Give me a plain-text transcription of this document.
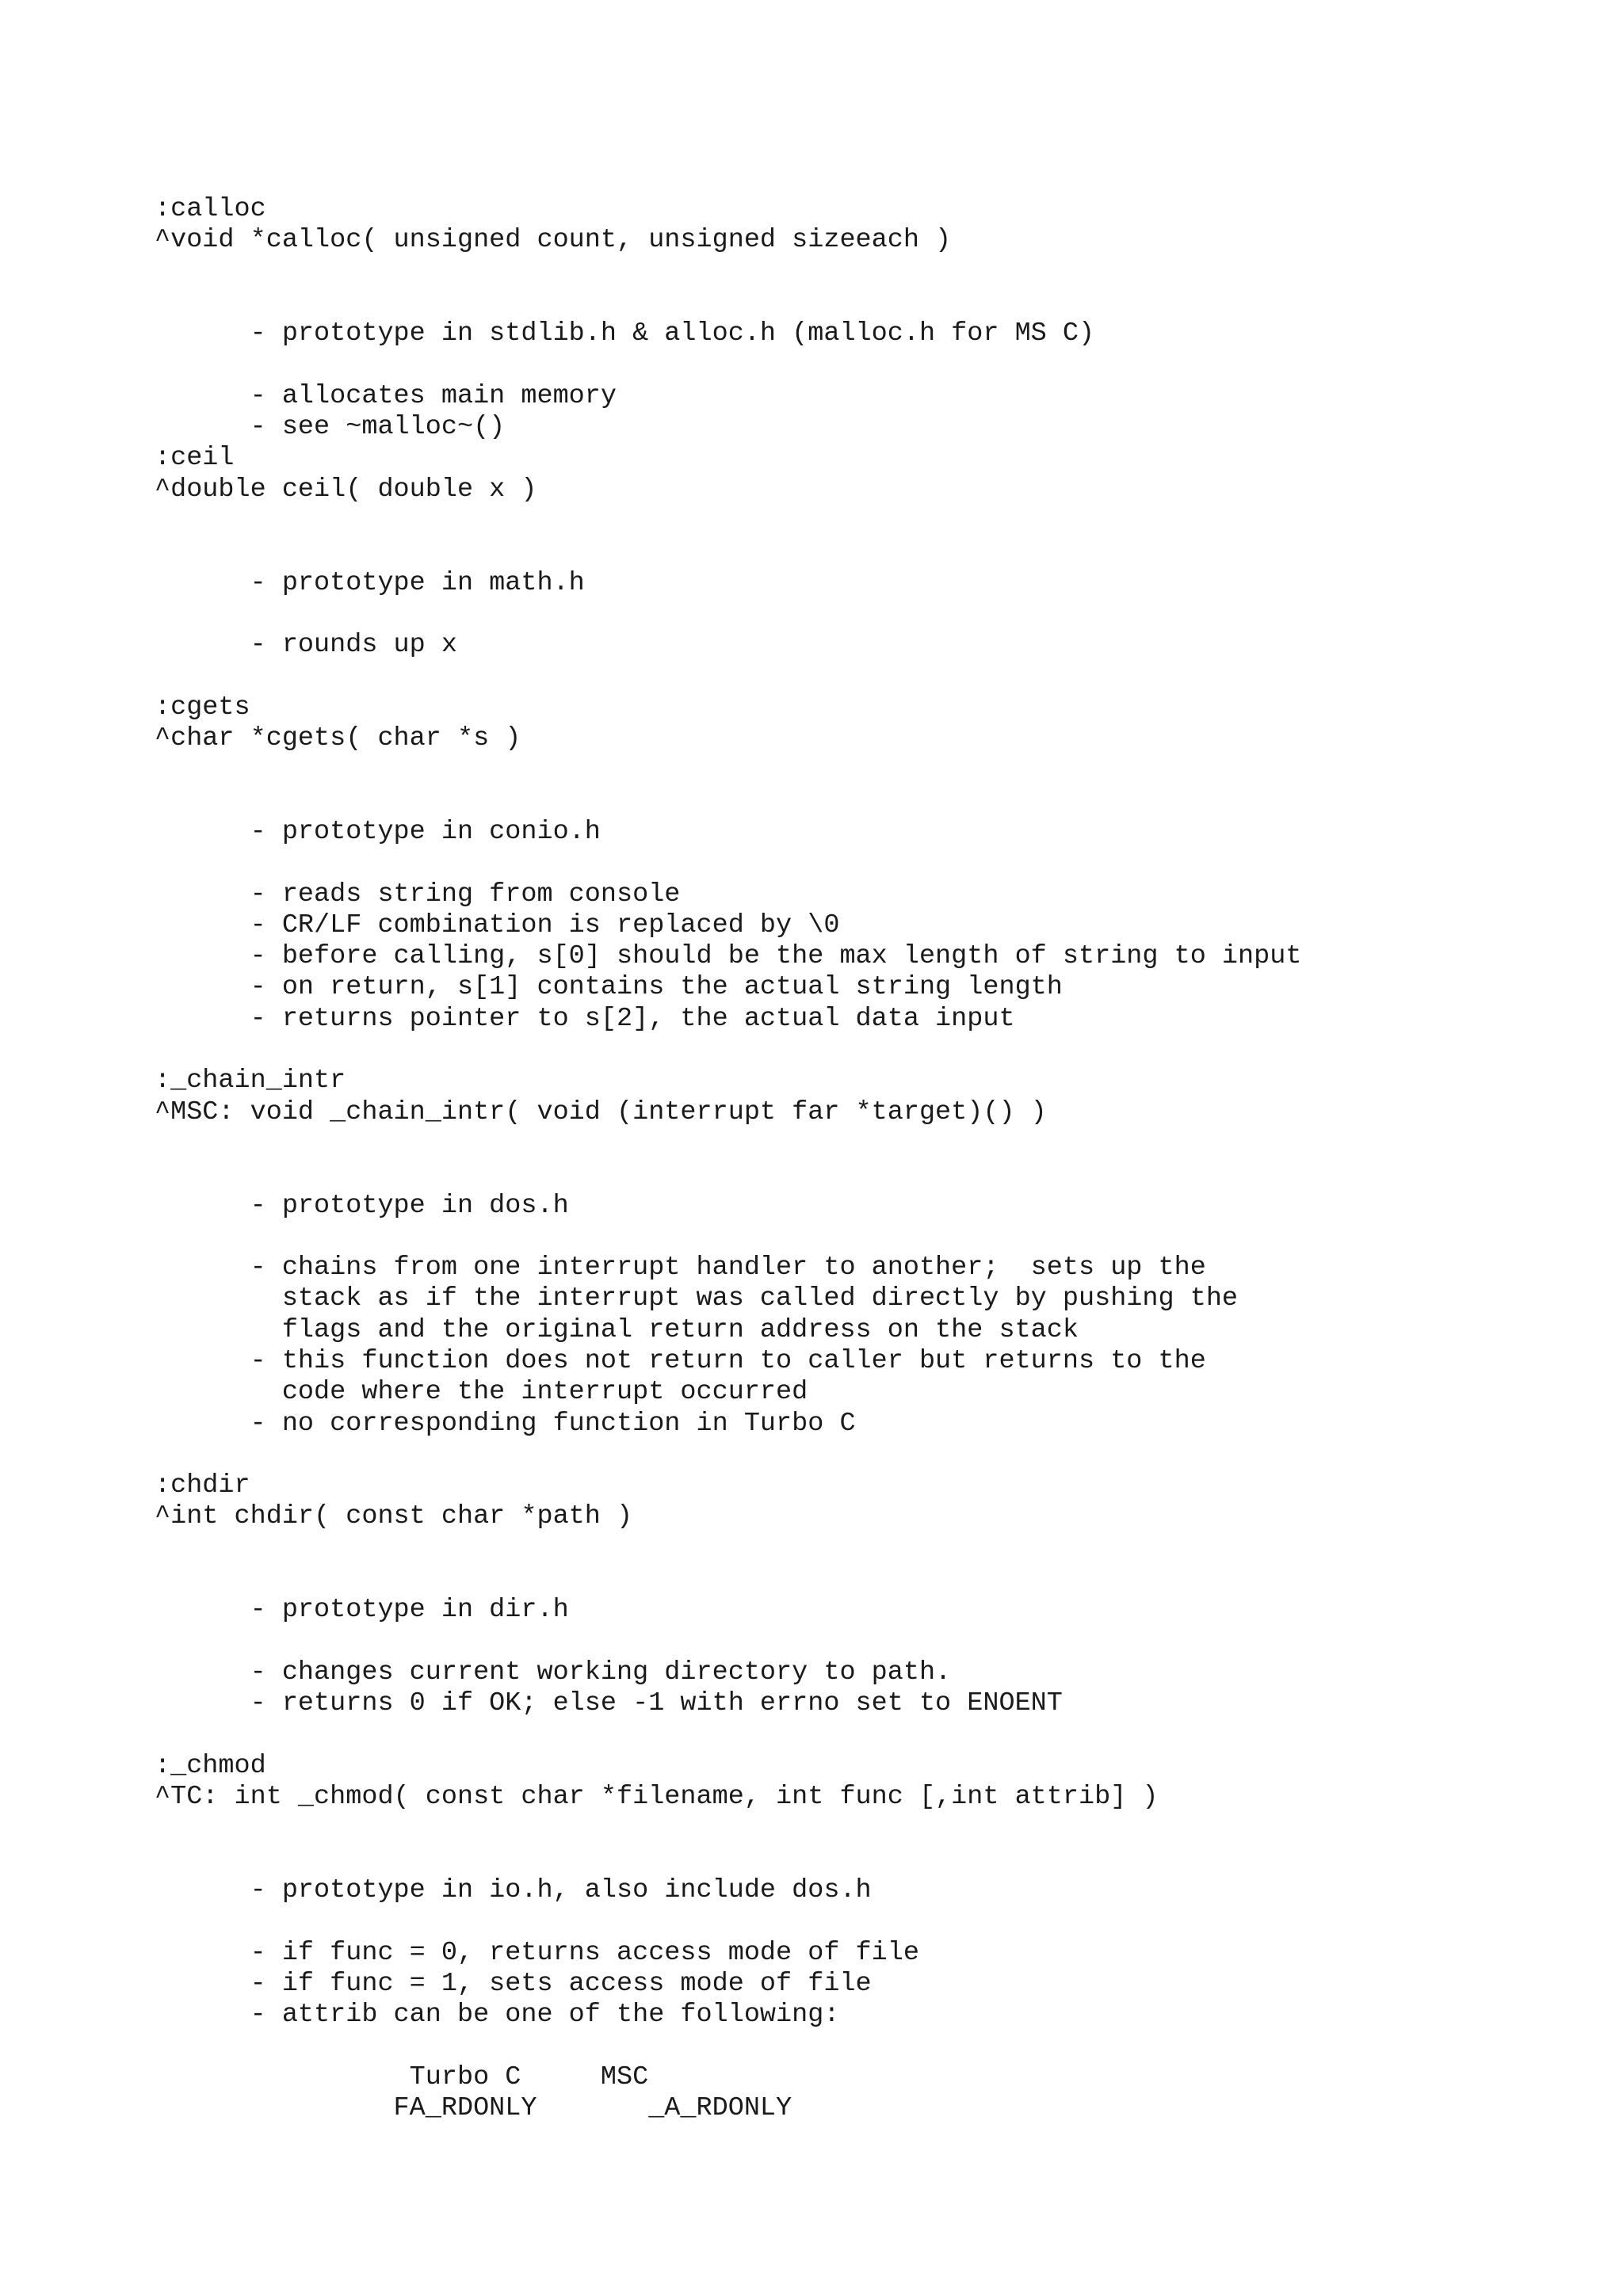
:calloc
^void *calloc( unsigned count, unsigned sizeeach )
- prototype in stdlib.h & alloc.h (malloc.h for MS C)
- allocates main memory
- see ~malloc~()
:ceil
^double ceil( double x )
- prototype in math.h
- rounds up x
:cgets
^char *cgets( char *s )
- prototype in conio.h
- reads string from console
- CR/LF combination is replaced by \0
- before calling, s[0] should be the max length of string to input
- on return, s[1] contains the actual string length
- returns pointer to s[2], the actual data input
:_chain_intr
^MSC: void _chain_intr( void (interrupt far *target)() )
- prototype in dos.h
- chains from one interrupt handler to another;  sets up the
stack as if the interrupt was called directly by pushing the
flags and the original return address on the stack
- this function does not return to caller but returns to the
code where the interrupt occurred
- no corresponding function in Turbo C
:chdir
^int chdir( const char *path )
- prototype in dir.h
- changes current working directory to path.
- returns 0 if OK; else -1 with errno set to ENOENT
:_chmod
^TC: int _chmod( const char *filename, int func [,int attrib] )
- prototype in io.h, also include dos.h
- if func = 0, returns access mode of file
- if func = 1, sets access mode of file
- attrib can be one of the following:
Turbo C     MSC
FA_RDONLY       _A_RDONLY
